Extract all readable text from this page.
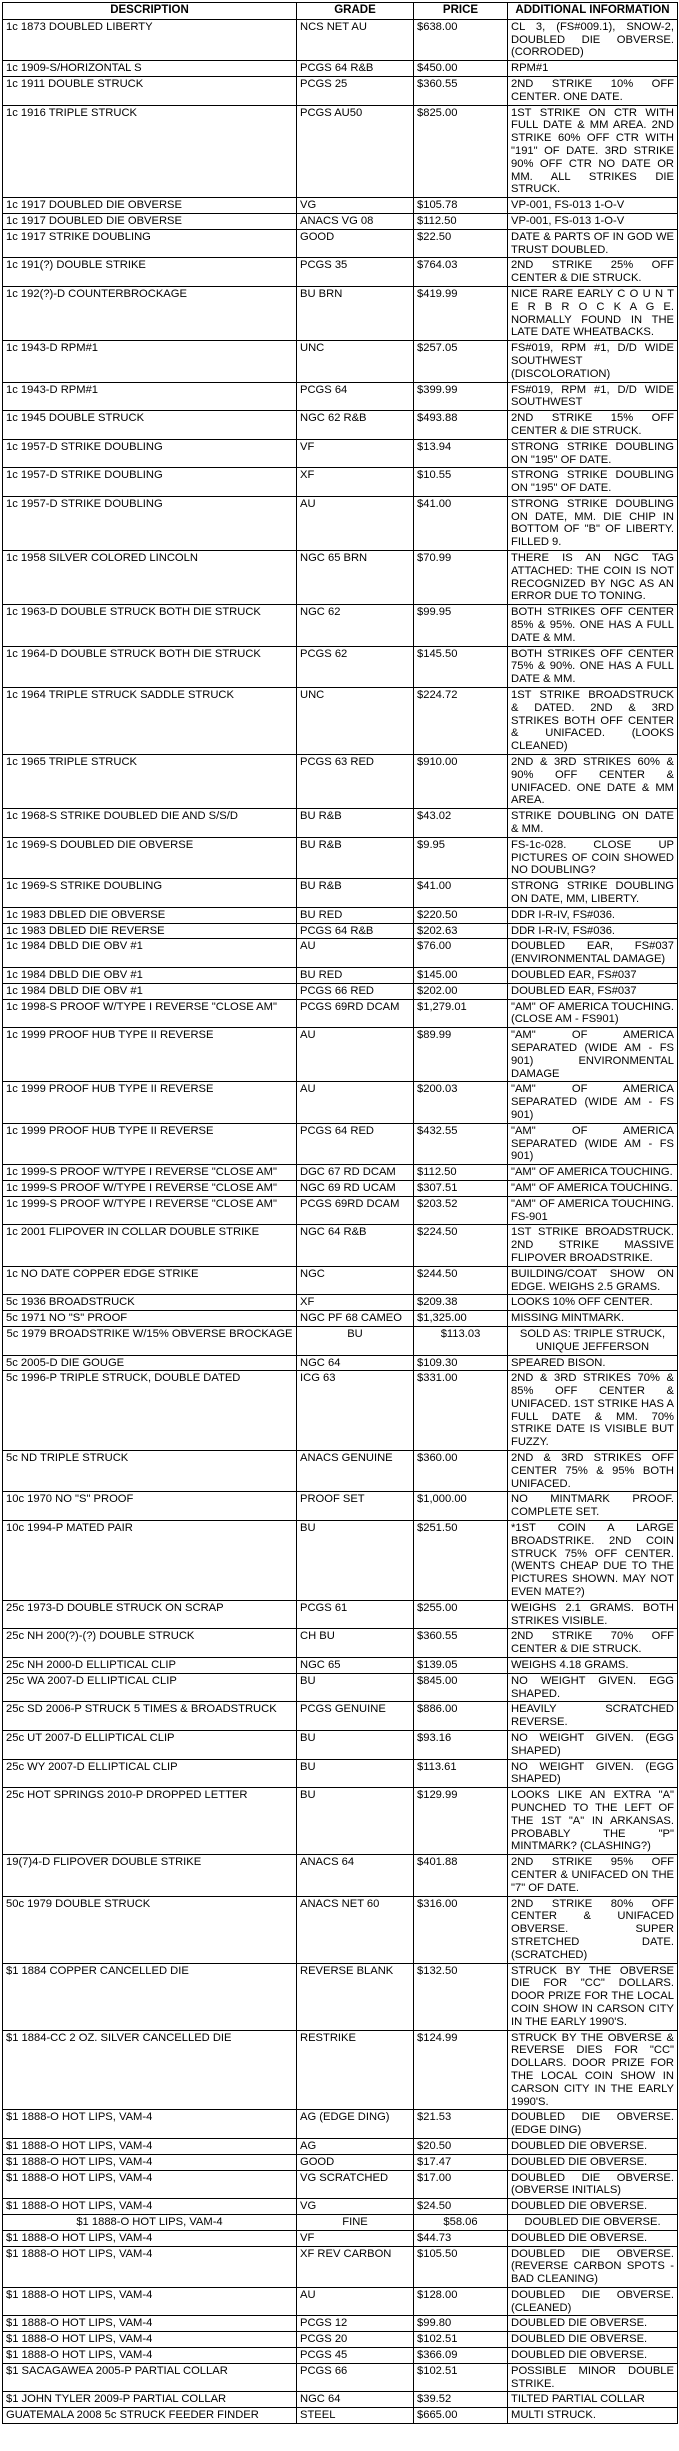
DESCRIPTION	GRADE	PRICE	ADDITIONAL INFORMATION
1c 1873 DOUBLED LIBERTY	NCS NET AU	$638.00	CL 3, (FS#009.1), SNOW-2, DOUBLED DIE OBVERSE. (CORRODED)
1c 1909-S/HORIZONTAL S	PCGS 64 R&B	$450.00	RPM#1
1c 1911 DOUBLE STRUCK	PCGS 25	$360.55	2ND STRIKE 10% OFF CENTER. ONE DATE.
1c 1916 TRIPLE STRUCK	PCGS AU50	$825.00	1ST STRIKE ON CTR WITH FULL DATE & MM AREA. 2ND STRIKE 60% OFF CTR WITH "191" OF DATE. 3RD STRIKE 90% OFF CTR NO DATE OR MM. ALL STRIKES DIE STRUCK.
1c 1917 DOUBLED DIE OBVERSE	VG	$105.78	VP-001, FS-013 1-O-V
1c 1917 DOUBLED DIE OBVERSE	ANACS VG 08	$112.50	VP-001, FS-013 1-O-V
1c 1917 STRIKE DOUBLING	GOOD	$22.50	DATE & PARTS OF IN GOD WE TRUST DOUBLED.
1c 191(?) DOUBLE STRIKE	PCGS 35	$764.03	2ND STRIKE 25% OFF CENTER & DIE STRUCK.
1c 192(?)-D COUNTERBROCKAGE	BU BRN	$419.99	NICE RARE EARLY C O U N T E R B R O C K A G E. NORMALLY FOUND IN THE LATE DATE WHEATBACKS.
1c 1943-D RPM#1	UNC	$257.05	FS#019, RPM #1, D/D WIDE SOUTHWEST (DISCOLORATION)
1c 1943-D RPM#1	PCGS 64	$399.99	FS#019, RPM #1, D/D WIDE SOUTHWEST
1c 1945 DOUBLE STRUCK	NGC 62 R&B	$493.88	2ND STRIKE 15% OFF CENTER & DIE STRUCK.
1c 1957-D STRIKE DOUBLING	VF	$13.94	STRONG STRIKE DOUBLING ON "195" OF DATE.
1c 1957-D STRIKE DOUBLING	XF	$10.55	STRONG STRIKE DOUBLING ON "195" OF DATE.
1c 1957-D STRIKE DOUBLING	AU	$41.00	STRONG STRIKE DOUBLING ON DATE, MM. DIE CHIP IN BOTTOM OF "B" OF LIBERTY. FILLED 9.
1c 1958 SILVER COLORED LINCOLN	NGC 65 BRN	$70.99	THERE IS AN NGC TAG ATTACHED: THE COIN IS NOT RECOGNIZED BY NGC AS AN ERROR DUE TO TONING.
1c 1963-D DOUBLE STRUCK BOTH DIE STRUCK	NGC 62	$99.95	BOTH STRIKES OFF CENTER 85% & 95%. ONE HAS A FULL DATE & MM.
1c 1964-D DOUBLE STRUCK BOTH DIE STRUCK	PCGS 62	$145.50	BOTH STRIKES OFF CENTER 75% & 90%. ONE HAS A FULL DATE & MM.
1c 1964 TRIPLE STRUCK SADDLE STRUCK	UNC	$224.72	1ST STRIKE BROADSTRUCK & DATED. 2ND & 3RD STRIKES BOTH OFF CENTER & UNIFACED. (LOOKS CLEANED)
1c 1965 TRIPLE STRUCK	PCGS 63 RED	$910.00	2ND & 3RD STRIKES 60% & 90% OFF CENTER & UNIFACED. ONE DATE & MM AREA.
1c 1968-S STRIKE DOUBLED DIE AND S/S/D	BU R&B	$43.02	STRIKE DOUBLING ON DATE & MM.
1c 1969-S DOUBLED DIE OBVERSE	BU R&B	$9.95	FS-1c-028. CLOSE UP PICTURES OF COIN SHOWED NO DOUBLING?
1c 1969-S STRIKE DOUBLING	BU R&B	$41.00	STRONG STRIKE DOUBLING ON DATE, MM, LIBERTY.
1c 1983 DBLED DIE OBVERSE	BU RED	$220.50	DDR I-R-IV, FS#036.
1c 1983 DBLED DIE REVERSE	PCGS 64 R&B	$202.63	DDR I-R-IV, FS#036.
1c 1984 DBLD DIE OBV #1	AU	$76.00	DOUBLED EAR, FS#037 (ENVIRONMENTAL DAMAGE)
1c 1984 DBLD DIE OBV #1	BU RED	$145.00	DOUBLED EAR, FS#037
1c 1984 DBLD DIE OBV #1	PCGS 66 RED	$202.00	DOUBLED EAR, FS#037
1c 1998-S PROOF W/TYPE I REVERSE "CLOSE AM"	PCGS 69RD DCAM	$1,279.01	"AM" OF AMERICA TOUCHING. (CLOSE AM - FS901)
1c 1999 PROOF HUB TYPE II REVERSE	AU	$89.99	"AM" OF AMERICA SEPARATED (WIDE AM - FS 901) ENVIRONMENTAL DAMAGE
1c 1999 PROOF HUB TYPE II REVERSE	AU	$200.03	"AM" OF AMERICA SEPARATED (WIDE AM - FS 901)
1c 1999 PROOF HUB TYPE II REVERSE	PCGS 64 RED	$432.55	"AM" OF AMERICA SEPARATED (WIDE AM - FS 901)
1c 1999-S PROOF W/TYPE I REVERSE "CLOSE AM"	DGC 67 RD DCAM	$112.50	"AM" OF AMERICA TOUCHING.
1c 1999-S PROOF W/TYPE I REVERSE "CLOSE AM"	NGC 69 RD UCAM	$307.51	"AM" OF AMERICA TOUCHING.
1c 1999-S PROOF W/TYPE I REVERSE "CLOSE AM"	PCGS 69RD DCAM	$203.52	"AM" OF AMERICA TOUCHING. FS-901
1c 2001 FLIPOVER IN COLLAR DOUBLE STRIKE	NGC 64 R&B	$224.50	1ST STRIKE BROADSTRUCK. 2ND STRIKE MASSIVE FLIPOVER BROADSTRIKE.
1c NO DATE COPPER EDGE STRIKE	NGC	$244.50	BUILDING/COAT SHOW ON EDGE. WEIGHS 2.5 GRAMS.
5c 1936 BROADSTRUCK	XF	$209.38	LOOKS 10% OFF CENTER.
5c 1971 NO "S" PROOF	NGC PF 68 CAMEO	$1,325.00	MISSING MINTMARK.
5c 1979 BROADSTRIKE W/15% OBVERSE BROCKAGE	BU	$113.03	SOLD AS: TRIPLE STRUCK, UNIQUE JEFFERSON
5c 2005-D DIE GOUGE	NGC 64	$109.30	SPEARED BISON.
5c 1996-P TRIPLE STRUCK, DOUBLE DATED	ICG 63	$331.00	2ND & 3RD STRIKES 70% & 85% OFF CENTER & UNIFACED. 1ST STRIKE HAS A FULL DATE & MM. 70% STRIKE DATE IS VISIBLE BUT FUZZY.
5c ND TRIPLE STRUCK	ANACS GENUINE	$360.00	2ND & 3RD STRIKES OFF CENTER 75% & 95% BOTH UNIFACED.
10c 1970 NO "S" PROOF	PROOF SET	$1,000.00	NO MINTMARK PROOF. COMPLETE SET.
10c 1994-P MATED PAIR	BU	$251.50	*1ST COIN A LARGE BROADSTRIKE. 2ND COIN STRUCK 75% OFF CENTER. (WENTS CHEAP DUE TO THE PICTURES SHOWN. MAY NOT EVEN MATE?)
25c 1973-D DOUBLE STRUCK ON SCRAP	PCGS 61	$255.00	WEIGHS 2.1 GRAMS. BOTH STRIKES VISIBLE.
25c NH 200(?)-(?) DOUBLE STRUCK	CH BU	$360.55	2ND STRIKE 70% OFF CENTER & DIE STRUCK.
25c NH 2000-D ELLIPTICAL CLIP	NGC 65	$139.05	WEIGHS 4.18 GRAMS.
25c WA 2007-D ELLIPTICAL CLIP	BU	$845.00	NO WEIGHT GIVEN. EGG SHAPED.
25c SD 2006-P STRUCK 5 TIMES & BROADSTRUCK	PCGS GENUINE	$886.00	HEAVILY SCRATCHED REVERSE.
25c UT 2007-D ELLIPTICAL CLIP	BU	$93.16	NO WEIGHT GIVEN. (EGG SHAPED)
25c WY 2007-D ELLIPTICAL CLIP	BU	$113.61	NO WEIGHT GIVEN. (EGG SHAPED)
25c HOT SPRINGS 2010-P DROPPED LETTER	BU	$129.99	LOOKS LIKE AN EXTRA "A" PUNCHED TO THE LEFT OF THE 1ST "A" IN ARKANSAS. PROBABLY THE "P" MINTMARK? (CLASHING?)
19(7)4-D FLIPOVER DOUBLE STRIKE	ANACS 64	$401.88	2ND STRIKE 95% OFF CENTER & UNIFACED ON THE "7" OF DATE.
50c 1979 DOUBLE STRUCK	ANACS NET 60	$316.00	2ND STRIKE 80% OFF CENTER & UNIFACED OBVERSE. SUPER STRETCHED DATE. (SCRATCHED)
$1 1884 COPPER CANCELLED DIE	REVERSE BLANK	$132.50	STRUCK BY THE OBVERSE DIE FOR "CC" DOLLARS. DOOR PRIZE FOR THE LOCAL COIN SHOW IN CARSON CITY IN THE EARLY 1990'S.
$1 1884-CC 2 OZ. SILVER CANCELLED DIE	RESTRIKE	$124.99	STRUCK BY THE OBVERSE & REVERSE DIES FOR "CC" DOLLARS. DOOR PRIZE FOR THE LOCAL COIN SHOW IN CARSON CITY IN THE EARLY 1990'S.
$1 1888-O HOT LIPS, VAM-4	AG (EDGE DING)	$21.53	DOUBLED DIE OBVERSE. (EDGE DING)
$1 1888-O HOT LIPS, VAM-4	AG	$20.50	DOUBLED DIE OBVERSE.
$1 1888-O HOT LIPS, VAM-4	GOOD	$17.47	DOUBLED DIE OBVERSE.
$1 1888-O HOT LIPS, VAM-4	VG SCRATCHED	$17.00	DOUBLED DIE OBVERSE. (OBVERSE INITIALS)
$1 1888-O HOT LIPS, VAM-4	VG	$24.50	DOUBLED DIE OBVERSE.
$1 1888-O HOT LIPS, VAM-4	FINE	$58.06	DOUBLED DIE OBVERSE.
$1 1888-O HOT LIPS, VAM-4	VF	$44.73	DOUBLED DIE OBVERSE.
$1 1888-O HOT LIPS, VAM-4	XF REV CARBON	$105.50	DOUBLED DIE OBVERSE. (REVERSE CARBON SPOTS - BAD CLEANING)
$1 1888-O HOT LIPS, VAM-4	AU	$128.00	DOUBLED DIE OBVERSE. (CLEANED)
$1 1888-O HOT LIPS, VAM-4	PCGS 12	$99.80	DOUBLED DIE OBVERSE.
$1 1888-O HOT LIPS, VAM-4	PCGS 20	$102.51	DOUBLED DIE OBVERSE.
$1 1888-O HOT LIPS, VAM-4	PCGS 45	$366.09	DOUBLED DIE OBVERSE.
$1 SACAGAWEA 2005-P PARTIAL COLLAR	PCGS 66	$102.51	POSSIBLE MINOR DOUBLE STRIKE.
$1 JOHN TYLER 2009-P PARTIAL COLLAR	NGC 64	$39.52	TILTED PARTIAL COLLAR
GUATEMALA 2008 5c STRUCK FEEDER FINDER	STEEL	$665.00	MULTI STRUCK.
